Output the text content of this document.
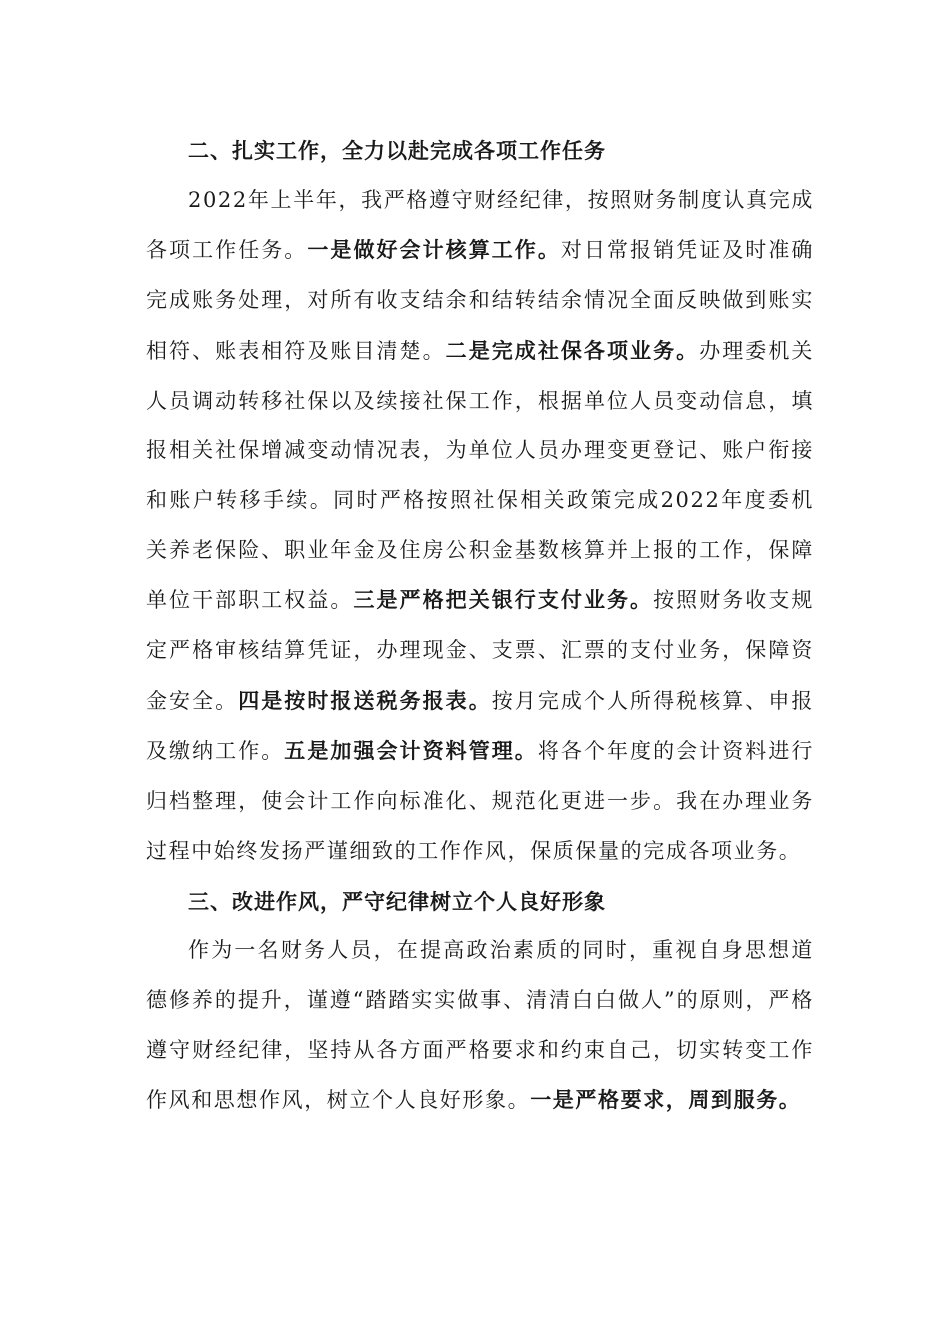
二、扎实工作，全力以赴完成各项工作任务

2022年上半年，我严格遵守财经纪律，按照财务制度认真完成各项工作任务。一是做好会计核算工作。对日常报销凭证及时准确完成账务处理，对所有收支结余和结转结余情况全面反映做到账实相符、账表相符及账目清楚。二是完成社保各项业务。办理委机关人员调动转移社保以及续接社保工作，根据单位人员变动信息，填报相关社保增减变动情况表，为单位人员办理变更登记、账户衔接和账户转移手续。同时严格按照社保相关政策完成2022年度委机关养老保险、职业年金及住房公积金基数核算并上报的工作，保障单位干部职工权益。三是严格把关银行支付业务。按照财务收支规定严格审核结算凭证，办理现金、支票、汇票的支付业务，保障资金安全。四是按时报送税务报表。按月完成个人所得税核算、申报及缴纳工作。五是加强会计资料管理。将各个年度的会计资料进行归档整理，使会计工作向标准化、规范化更进一步。我在办理业务过程中始终发扬严谨细致的工作作风，保质保量的完成各项业务。

三、改进作风，严守纪律树立个人良好形象

作为一名财务人员，在提高政治素质的同时，重视自身思想道德修养的提升，谨遵“踏踏实实做事、清清白白做人”的原则，严格遵守财经纪律，坚持从各方面严格要求和约束自己，切实转变工作作风和思想作风，树立个人良好形象。一是严格要求，周到服务。
